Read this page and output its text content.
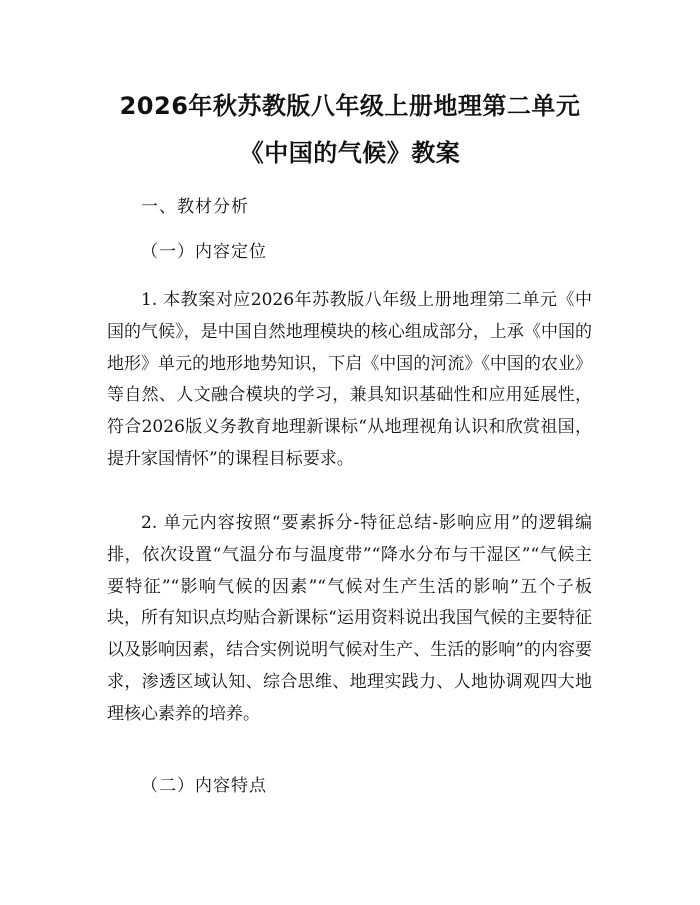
2026年秋苏教版八年级上册地理第二单元
《中国的气候》教案
一、教材分析
（一）内容定位
1. 本教案对应2026年苏教版八年级上册地理第二单元《中国的气候》，是中国自然地理模块的核心组成部分，上承《中国的地形》单元的地形地势知识，下启《中国的河流》《中国的农业》等自然、人文融合模块的学习，兼具知识基础性和应用延展性，符合2026版义务教育地理新课标“从地理视角认识和欣赏祖国，提升家国情怀”的课程目标要求。
2. 单元内容按照“要素拆分-特征总结-影响应用”的逻辑编排，依次设置“气温分布与温度带”“降水分布与干湿区”“气候主要特征”“影响气候的因素”“气候对生产生活的影响”五个子板块，所有知识点均贴合新课标“运用资料说出我国气候的主要特征以及影响因素，结合实例说明气候对生产、生活的影响”的内容要求，渗透区域认知、综合思维、地理实践力、人地协调观四大地理核心素养的培养。
（二）内容特点
